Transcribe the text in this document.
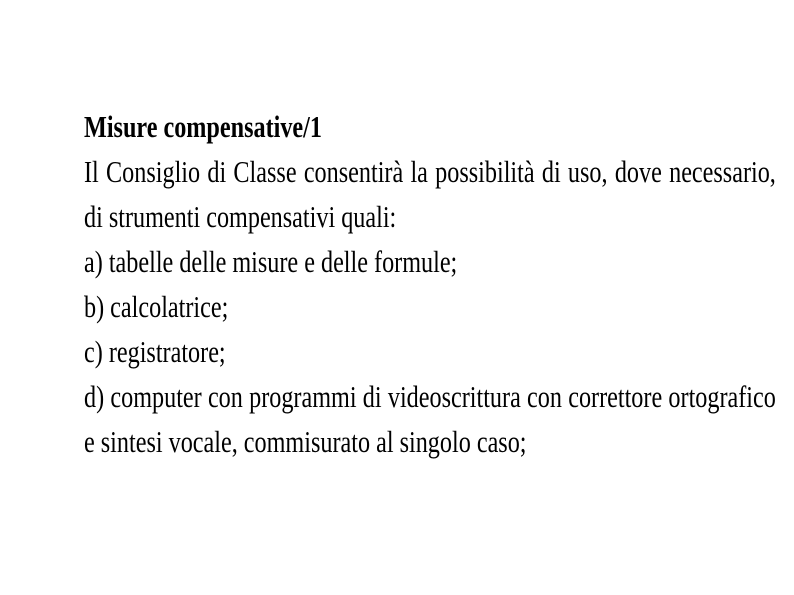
Misure compensative/1
Il Consiglio di Classe consentirà la possibilità di uso, dove necessario, di strumenti compensativi quali:
a) tabelle delle misure e delle formule;
b) calcolatrice;
c) registratore;
d) computer con programmi di videoscrittura con correttore ortografico e sintesi vocale, commisurato al singolo caso;
